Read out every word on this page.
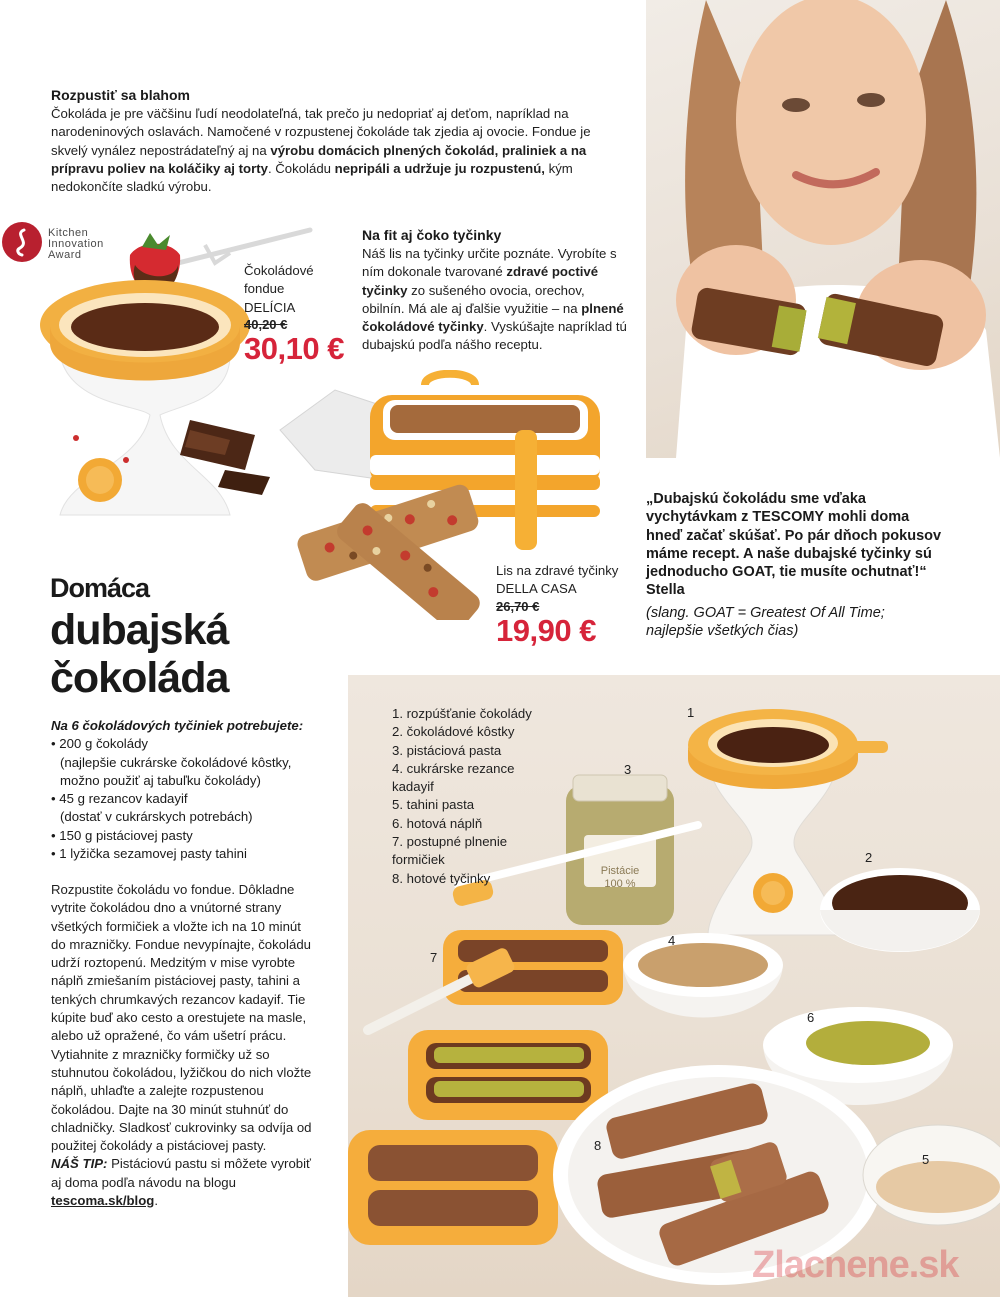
Rozpustiť sa blahom

Čokoláda je pre väčšinu ľudí neodolateľná, tak prečo ju nedopriať aj deťom, napríklad na narodeninových oslavách. Namočené v rozpustenej čokoláde tak zjedia aj ovocie. Fondue je skvelý vynález nepostrádateľný aj na výrobu domácich plnených čokolád, praliniek a na prípravu poliev na koláčiky aj torty. Čokoládu nepripáli a udržuje ju rozpustenú, kým nedokončíte sladkú výrobu.

Kitchen
Innovation
Award
Čokoládové fondue DELÍCIA
40,20 €
30,10 €
Na fit aj čoko tyčinky

Náš lis na tyčinky určite poznáte. Vyrobíte s ním dokonale tvarované zdravé poctivé tyčinky zo sušeného ovocia, orechov, obilnín. Má ale aj ďalšie využitie – na plnené čokoládové tyčinky. Vyskúšajte napríklad tú dubajskú podľa nášho receptu.

Lis na zdravé tyčinky DELLA CASA
26,70 €
19,90 €
„Dubajskú čokoládu sme vďaka vychytávkam z TESCOMY mohli doma hneď začať skúšať. Po pár dňoch pokusov máme recept. A naše dubajské tyčinky sú jednoducho GOAT, tie musíte ochutnať!“ Stella
(slang. GOAT = Greatest Of All Time; najlepšie všetkých čias)
Domáca
dubajská
čokoláda
Na 6 čokoládových tyčiniek potrebujete:
• 200 g čokolády
(najlepšie cukrárske čokoládové kôstky, možno použiť aj tabuľku čokolády)
• 45 g rezancov kadayif
(dostať v cukrárskych potrebách)
• 150 g pistáciovej pasty
• 1 lyžička sezamovej pasty tahini

Rozpustite čokoládu vo fondue. Dôkladne vytrite čokoládou dno a vnútorné strany všetkých formičiek a vložte ich na 10 minút do mrazničky. Fondue nevypínajte, čokoládu udrží roztopenú. Medzitým v mise vyrobte náplň zmiešaním pistáciovej pasty, tahini a tenkých chrumkavých rezancov kadayif. Tie kúpite buď ako cesto a orestujete na masle, alebo už opražené, čo vám ušetrí prácu. Vytiahnite z mrazničky formičky už so stuhnutou čokoládou, lyžičkou do nich vložte náplň, uhlaďte a zalejte rozpustenou čokoládou. Dajte na 30 minút stuhnúť do chladničky. Sladkosť cukrovinky sa odvíja od použitej čokolády a pistáciovej pasty.

NÁŠ TIP: Pistáciovú pastu si môžete vyrobiť aj doma podľa návodu na blogu tescoma.sk/blog.

Pistácie
100 %
1. rozpúšťanie čokolády
2. čokoládové kôstky
3. pistáciová pasta
4. cukrárske rezance kadayif
5. tahini pasta
6. hotová náplň
7. postupné plnenie formičiek
8. hotové tyčinky
1
2
3
4
5
6
7
8
Zlacnene.sk
